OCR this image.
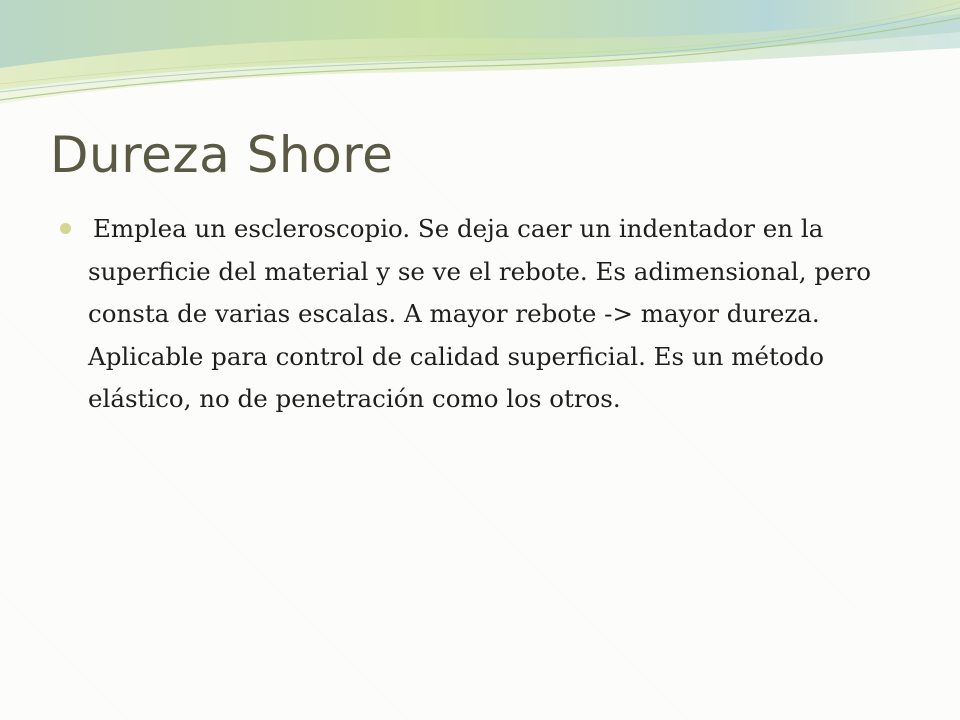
Dureza Shore
Emplea un escleroscopio. Se deja caer un indentador en la superficie del material y se ve el rebote. Es adimensional, pero consta de varias escalas. A mayor rebote -> mayor dureza. Aplicable para control de calidad superficial. Es un método elástico, no de penetración como los otros.
